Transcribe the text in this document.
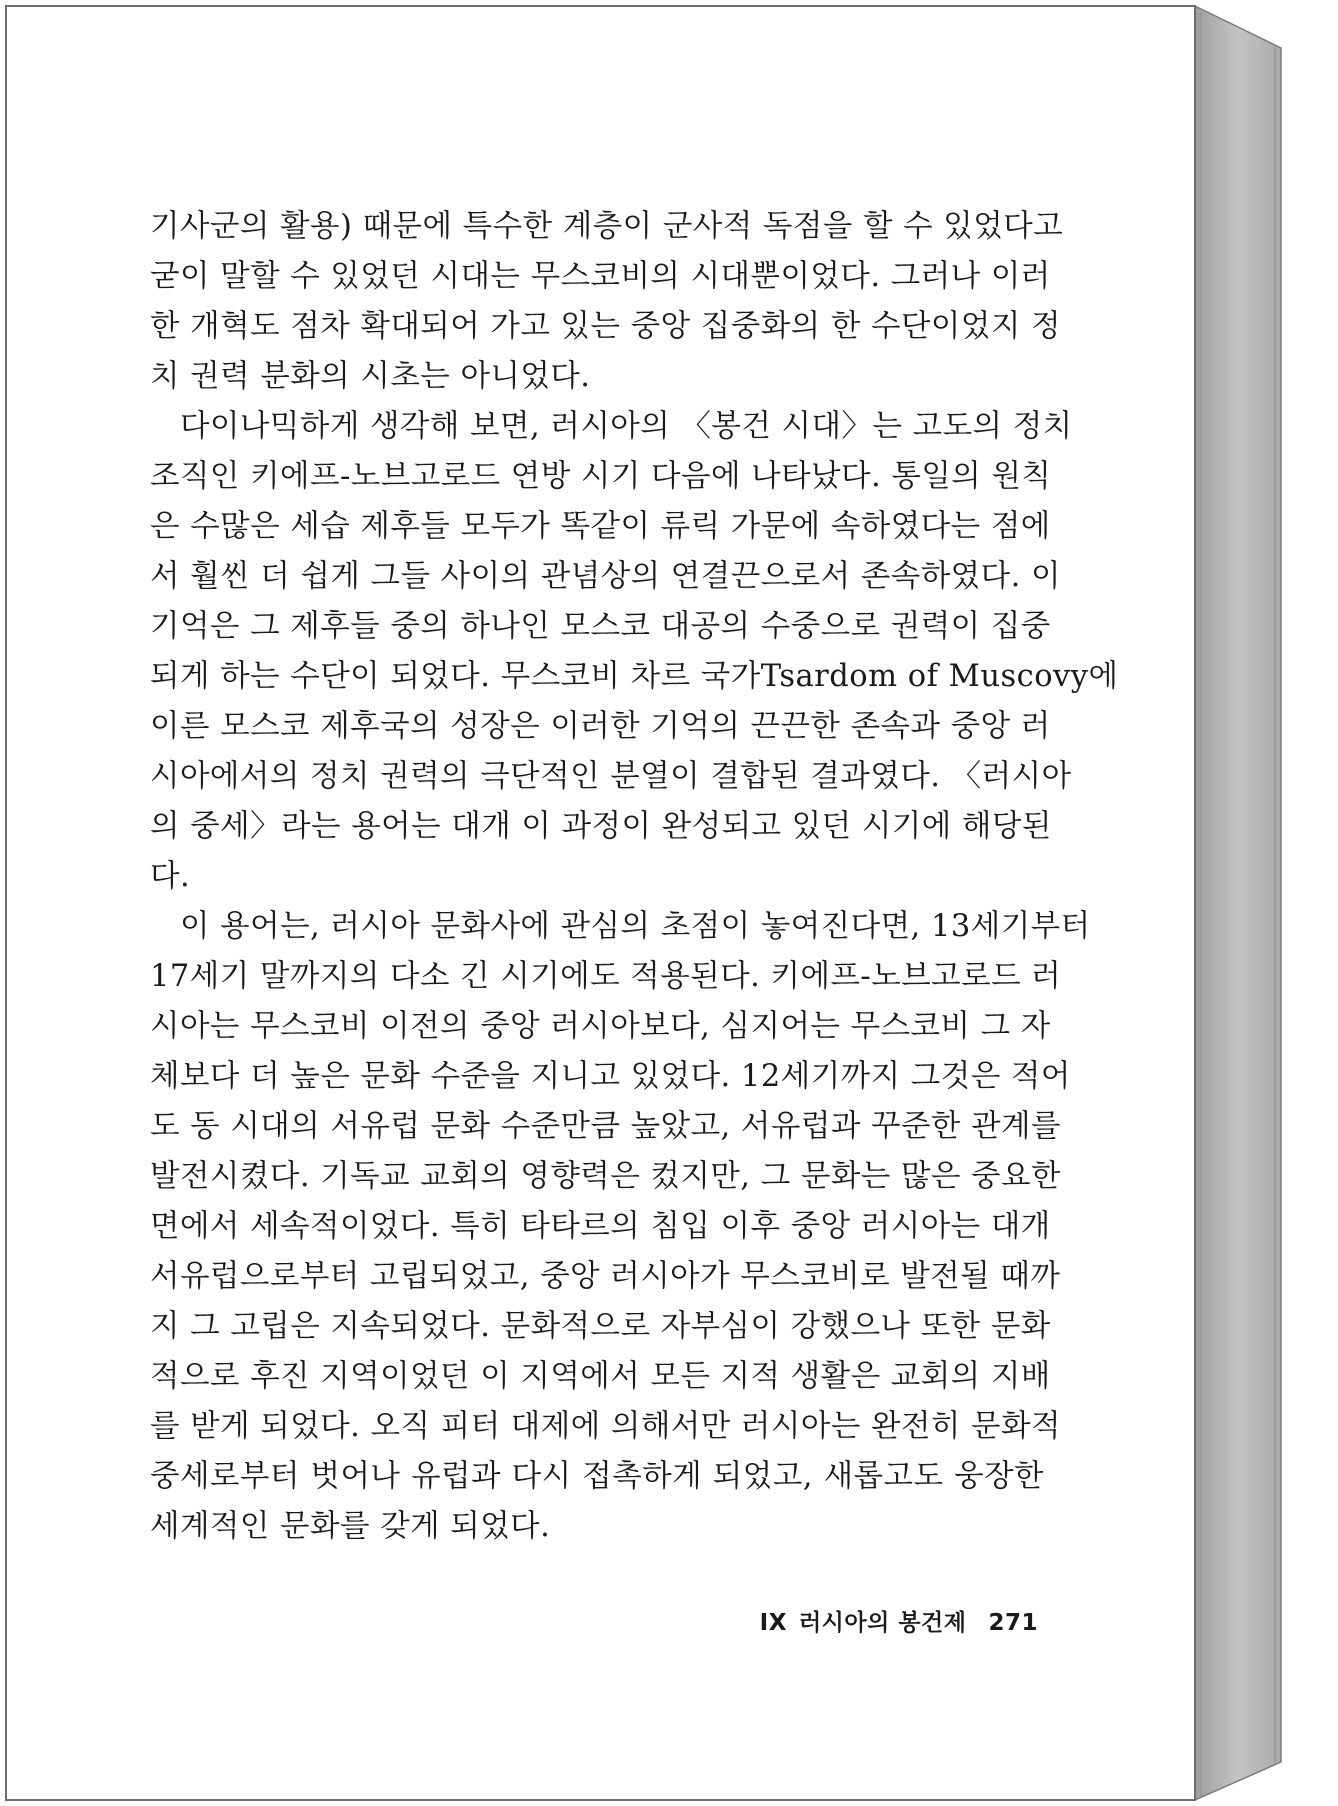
기사군의 활용) 때문에 특수한 계층이 군사적 독점을 할 수 있었다고
굳이 말할 수 있었던 시대는 무스코비의 시대뿐이었다. 그러나 이러
한 개혁도 점차 확대되어 가고 있는 중앙 집중화의 한 수단이었지 정
치 권력 분화의 시초는 아니었다.
다이나믹하게 생각해 보면, 러시아의 〈봉건 시대〉는 고도의 정치
조직인 키에프-노브고로드 연방 시기 다음에 나타났다. 통일의 원칙
은 수많은 세습 제후들 모두가 똑같이 류릭 가문에 속하였다는 점에
서 훨씬 더 쉽게 그들 사이의 관념상의 연결끈으로서 존속하였다. 이
기억은 그 제후들 중의 하나인 모스코 대공의 수중으로 권력이 집중
되게 하는 수단이 되었다. 무스코비 차르 국가Tsardom of Muscovy에
이른 모스코 제후국의 성장은 이러한 기억의 끈끈한 존속과 중앙 러
시아에서의 정치 권력의 극단적인 분열이 결합된 결과였다. 〈러시아
의 중세〉라는 용어는 대개 이 과정이 완성되고 있던 시기에 해당된
다.
이 용어는, 러시아 문화사에 관심의 초점이 놓여진다면, 13세기부터
17세기 말까지의 다소 긴 시기에도 적용된다. 키에프-노브고로드 러
시아는 무스코비 이전의 중앙 러시아보다, 심지어는 무스코비 그 자
체보다 더 높은 문화 수준을 지니고 있었다. 12세기까지 그것은 적어
도 동 시대의 서유럽 문화 수준만큼 높았고, 서유럽과 꾸준한 관계를
발전시켰다. 기독교 교회의 영향력은 컸지만, 그 문화는 많은 중요한
면에서 세속적이었다. 특히 타타르의 침입 이후 중앙 러시아는 대개
서유럽으로부터 고립되었고, 중앙 러시아가 무스코비로 발전될 때까
지 그 고립은 지속되었다. 문화적으로 자부심이 강했으나 또한 문화
적으로 후진 지역이었던 이 지역에서 모든 지적 생활은 교회의 지배
를 받게 되었다. 오직 피터 대제에 의해서만 러시아는 완전히 문화적
중세로부터 벗어나 유럽과 다시 접촉하게 되었고, 새롭고도 웅장한
세계적인 문화를 갖게 되었다.
IX 러시아의 봉건제 271
